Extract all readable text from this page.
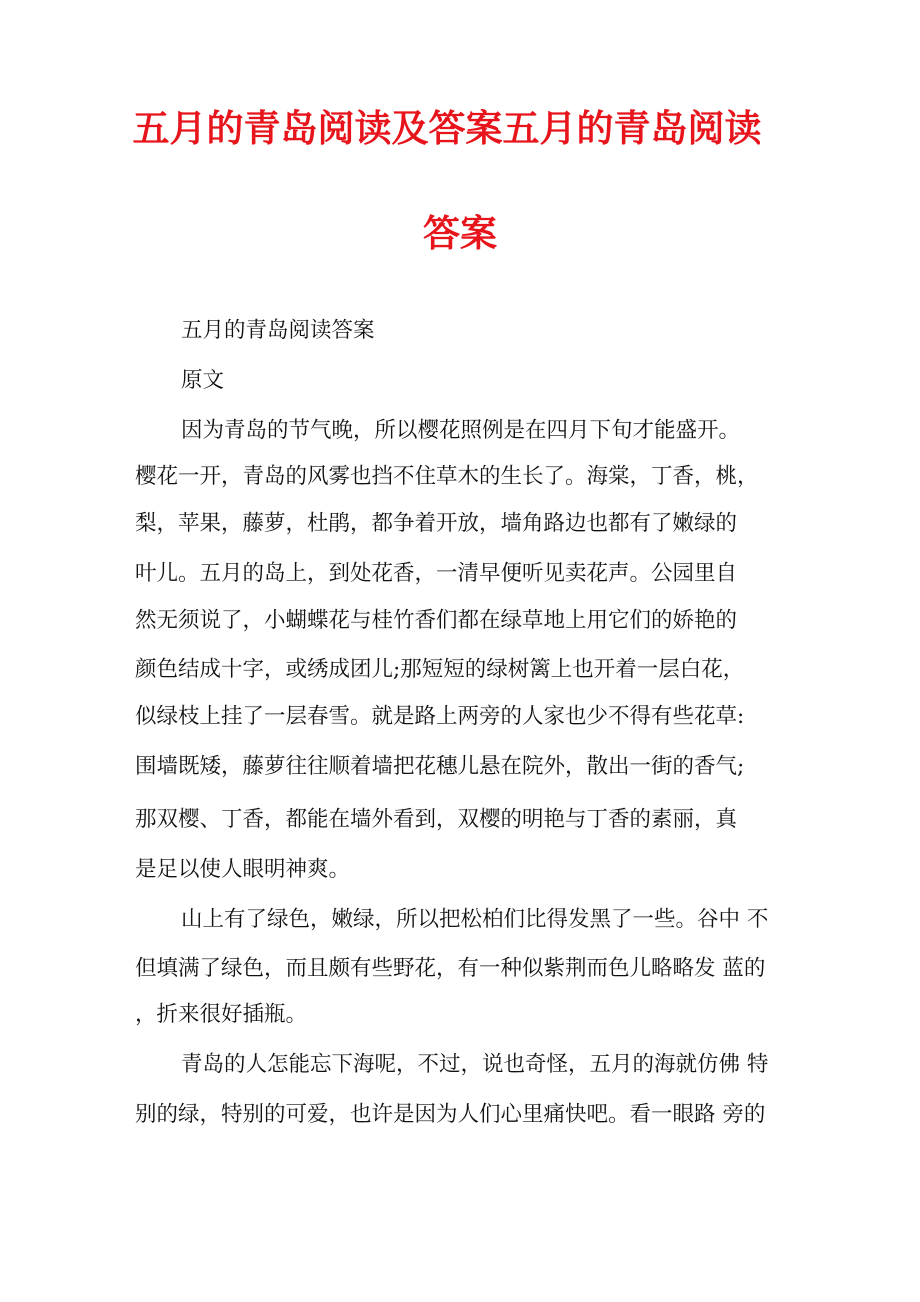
五月的青岛阅读及答案五月的青岛阅读
答案
五月的青岛阅读答案
原文
因为青岛的节气晚，所以樱花照例是在四月下旬才能盛开。
樱花一开，青岛的风雾也挡不住草木的生长了。海棠，丁香，桃，
梨，苹果，藤萝，杜鹃，都争着开放，墙角路边也都有了嫩绿的
叶儿。五月的岛上，到处花香，一清早便听见卖花声。公园里自
然无须说了，小蝴蝶花与桂竹香们都在绿草地上用它们的娇艳的
颜色结成十字，或绣成团儿;那短短的绿树篱上也开着一层白花，
似绿枝上挂了一层春雪。就是路上两旁的人家也少不得有些花草:
围墙既矮，藤萝往往顺着墙把花穗儿悬在院外，散出一街的香气;
那双樱、丁香，都能在墙外看到，双樱的明艳与丁香的素丽，真
是足以使人眼明神爽。
山上有了绿色，嫩绿，所以把松柏们比得发黑了一些。谷中 不
但填满了绿色，而且颇有些野花，有一种似紫荆而色儿略略发 蓝的
，折来很好插瓶。
青岛的人怎能忘下海呢，不过，说也奇怪，五月的海就仿佛 特
别的绿，特别的可爱，也许是因为人们心里痛快吧。看一眼路 旁的
